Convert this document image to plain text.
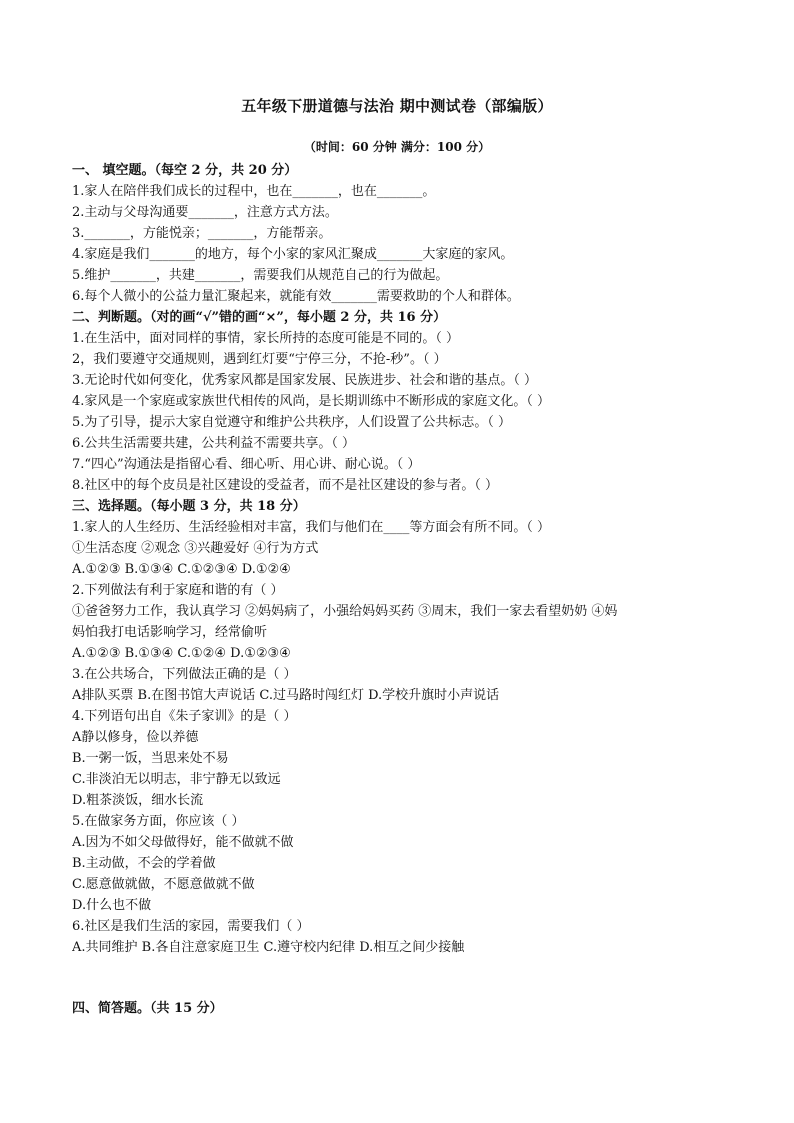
五年级下册道德与法治 期中测试卷（部编版）
（时间：60 分钟 满分：100 分）
一、 填空题。（每空 2 分，共 20 分）
1.家人在陪伴我们成长的过程中，也在_______，也在_______。
2.主动与父母沟通要_______，注意方式方法。
3._______，方能悦亲；_______，方能帮亲。
4.家庭是我们_______的地方，每个小家的家风汇聚成_______大家庭的家风。
5.维护_______，共建_______，需要我们从规范自己的行为做起。
6.每个人微小的公益力量汇聚起来，就能有效_______需要救助的个人和群体。
二、判断题。（对的画“√”错的画“×”，每小题 2 分，共 16 分）
1.在生活中，面对同样的事情，家长所持的态度可能是不同的。（ ）
2，我们要遵守交通规则，遇到红灯要“宁停三分，不抢-秒”。（ ）
3.无论时代如何变化，优秀家风都是国家发展、民族进步、社会和谐的基点。（ ）
4.家风是一个家庭或家族世代相传的风尚，是长期训练中不断形成的家庭文化。（ ）
5.为了引导，提示大家自觉遵守和维护公共秩序，人们设置了公共标志。（ ）
6.公共生活需要共建，公共利益不需要共享。（ ）
7.“四心”沟通法是指留心看、细心听、用心讲、耐心说。（ ）
8.社区中的每个皮员是社区建设的受益者，而不是社区建设的参与者。（ ）
三、选择题。（每小题 3 分，共 18 分）
1.家人的人生经历、生活经验相对丰富，我们与他们在____等方面会有所不同。（ ）
①生活态度 ②观念 ③兴趣爱好 ④行为方式
A.①②③ B.①③④ C.①②③④ D.①②④
2.下列做法有利于家庭和谐的有（ ）
①爸爸努力工作，我认真学习 ②妈妈病了，小强给妈妈买药 ③周末，我们一家去看望奶奶 ④妈
妈怕我打电话影响学习，经常偷听
A.①②③ B.①③④ C.①②④ D.①②③④
3.在公共场合，下列做法正确的是（ ）
A排队买票 B.在图书馆大声说话 C.过马路时闯红灯 D.学校升旗时小声说话
4.下列语句出自《朱子家训》的是（ ）
A静以修身，俭以养德
B.一粥一饭，当思来处不易
C.非淡泊无以明志，非宁静无以致远
D.粗茶淡饭，细水长流
5.在做家务方面，你应该（ ）
A.因为不如父母做得好，能不做就不做
B.主动做，不会的学着做
C.愿意做就做，不愿意做就不做
D.什么也不做
6.社区是我们生活的家园，需要我们（ ）
A.共同维护 B.各自注意家庭卫生 C.遵守校内纪律 D.相互之间少接触
四、简答题。（共 15 分）
